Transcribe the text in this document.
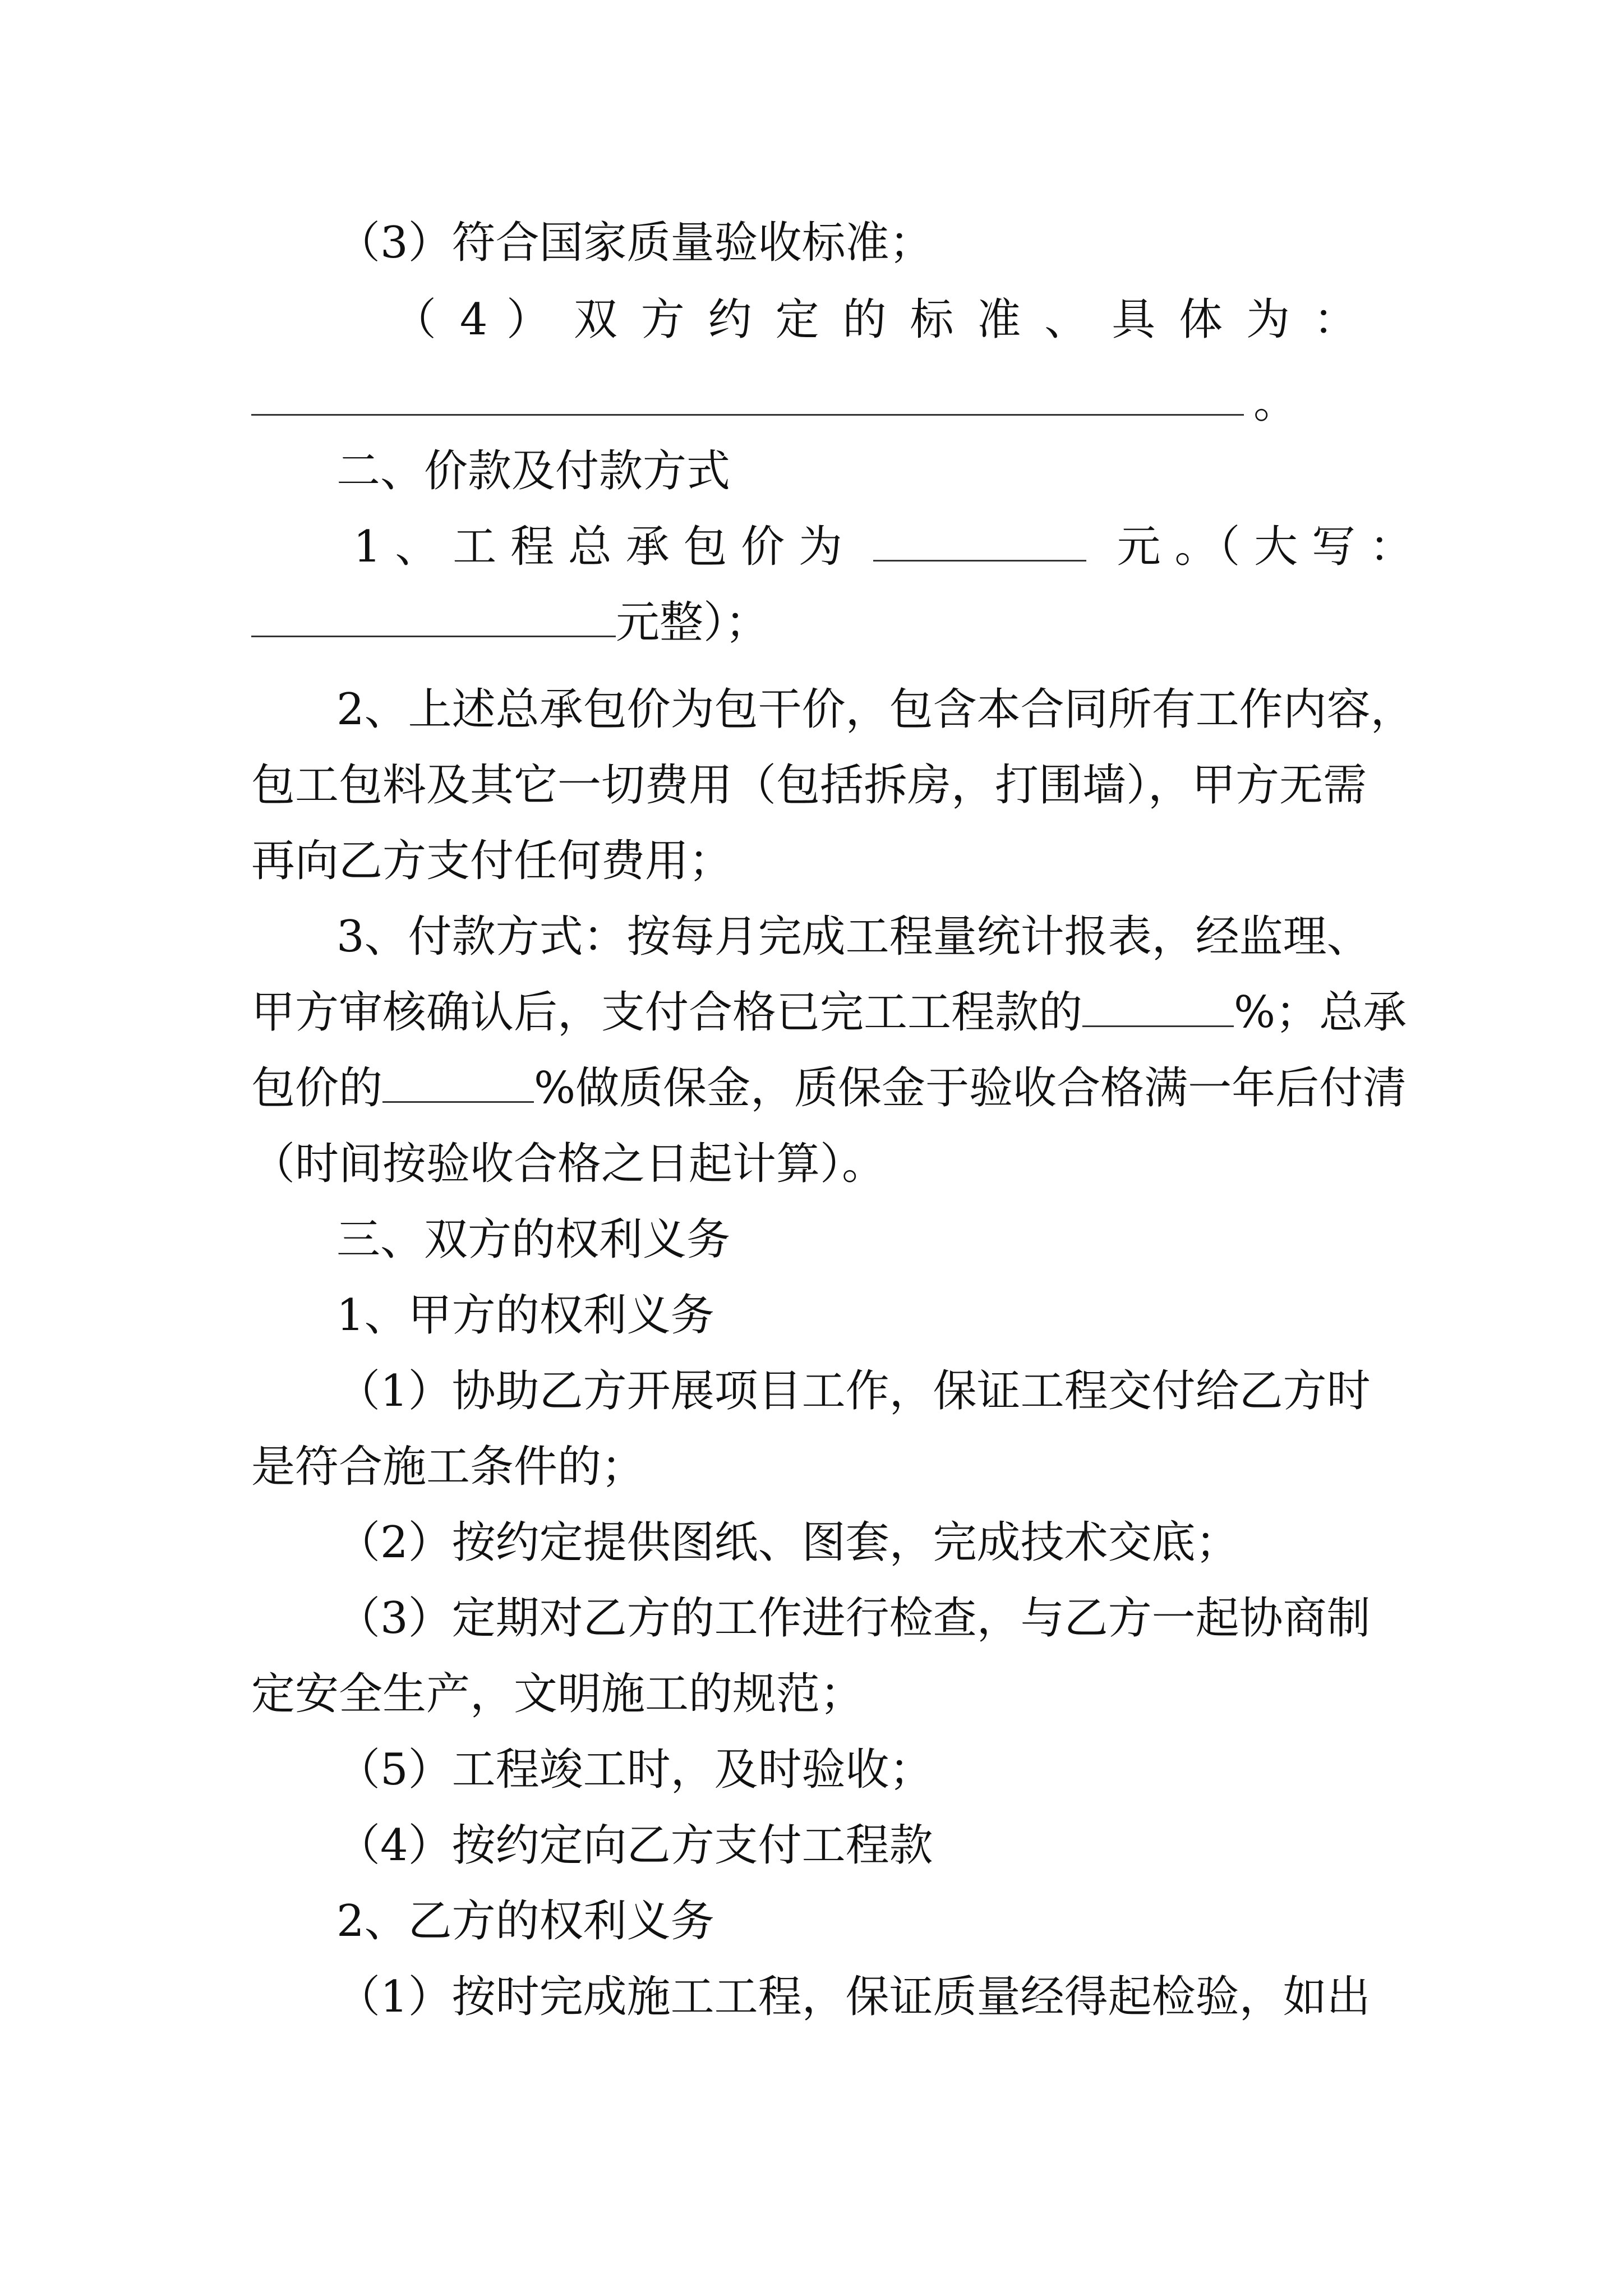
（3）符合国家质量验收标准；
（ 4 ） 双 方 约 定 的 标 准 、 具 体 为 ：
。
二、价款及付款方式
1 、 工 程 总 承 包 价 为	元 。（ 大 写 ：
元整）；
2、上述总承包价为包干价，包含本合同所有工作内容，
包工包料及其它一切费用（包括拆房，打围墙），甲方无需
再向乙方支付任何费用；
3、付款方式：按每月完成工程量统计报表，经监理、
甲方审核确认后，支付合格已完工工程款的	%；总承
包价的	%做质保金，质保金于验收合格满一年后付清
（时间按验收合格之日起计算）。
三、双方的权利义务
1、甲方的权利义务
（1）协助乙方开展项目工作，保证工程交付给乙方时
是符合施工条件的；
（2）按约定提供图纸、图套，完成技术交底；
（3）定期对乙方的工作进行检查，与乙方一起协商制
定安全生产，文明施工的规范；
（5）工程竣工时，及时验收；
（4）按约定向乙方支付工程款
2、乙方的权利义务
（1）按时完成施工工程，保证质量经得起检验，如出
